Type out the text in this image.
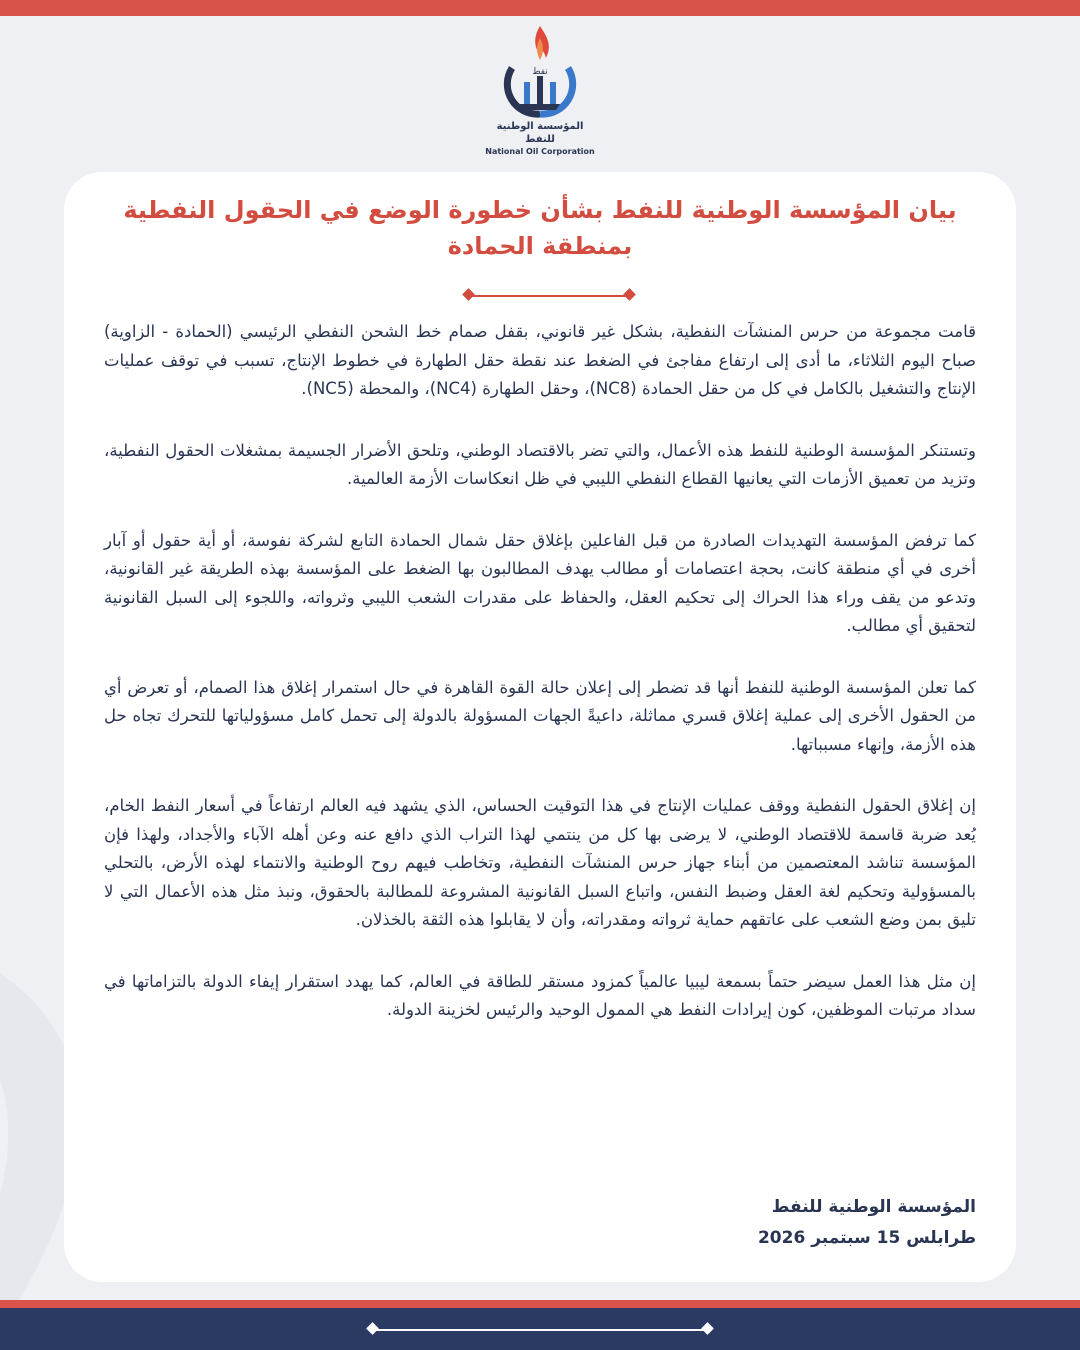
نفط
المؤسسة الوطنية للنفط
National Oil Corporation
بيان المؤسسة الوطنية للنفط بشأن خطورة الوضع في الحقول النفطية بمنطقة الحمادة

قامت مجموعة من حرس المنشآت النفطية، بشكل غير قانوني، بقفل صمام خط الشحن النفطي الرئيسي (الحمادة - الزاوية) صباح اليوم الثلاثاء، ما أدى إلى ارتفاع مفاجئ في الضغط عند نقطة حقل الطهارة في خطوط الإنتاج، تسبب في توقف عمليات الإنتاج والتشغيل بالكامل في كل من حقل الحمادة (NC8)، وحقل الطهارة (NC4)، والمحطة (NC5).

وتستنكر المؤسسة الوطنية للنفط هذه الأعمال، والتي تضر بالاقتصاد الوطني، وتلحق الأضرار الجسيمة بمشغلات الحقول النفطية، وتزيد من تعميق الأزمات التي يعانيها القطاع النفطي الليبي في ظل انعكاسات الأزمة العالمية.

كما ترفض المؤسسة التهديدات الصادرة من قبل الفاعلين بإغلاق حقل شمال الحمادة التابع لشركة نفوسة، أو أية حقول أو آبار أخرى في أي منطقة كانت، بحجة اعتصامات أو مطالب يهدف المطالبون بها الضغط على المؤسسة بهذه الطريقة غير القانونية، وتدعو من يقف وراء هذا الحراك إلى تحكيم العقل، والحفاظ على مقدرات الشعب الليبي وثرواته، واللجوء إلى السبل القانونية لتحقيق أي مطالب.

كما تعلن المؤسسة الوطنية للنفط أنها قد تضطر إلى إعلان حالة القوة القاهرة في حال استمرار إغلاق هذا الصمام، أو تعرض أي من الحقول الأخرى إلى عملية إغلاق قسري مماثلة، داعيةً الجهات المسؤولة بالدولة إلى تحمل كامل مسؤولياتها للتحرك تجاه حل هذه الأزمة، وإنهاء مسبباتها.

إن إغلاق الحقول النفطية ووقف عمليات الإنتاج في هذا التوقيت الحساس، الذي يشهد فيه العالم ارتفاعاً في أسعار النفط الخام، يُعد ضربة قاسمة للاقتصاد الوطني، لا يرضى بها كل من ينتمي لهذا التراب الذي دافع عنه وعن أهله الآباء والأجداد، ولهذا فإن المؤسسة تناشد المعتصمين من أبناء جهاز حرس المنشآت النفطية، وتخاطب فيهم روح الوطنية والانتماء لهذه الأرض، بالتحلي بالمسؤولية وتحكيم لغة العقل وضبط النفس، واتباع السبل القانونية المشروعة للمطالبة بالحقوق، ونبذ مثل هذه الأعمال التي لا تليق بمن وضع الشعب على عاتقهم حماية ثرواته ومقدراته، وأن لا يقابلوا هذه الثقة بالخذلان.

إن مثل هذا العمل سيضر حتماً بسمعة ليبيا عالمياً كمزود مستقر للطاقة في العالم، كما يهدد استقرار إيفاء الدولة بالتزاماتها في سداد مرتبات الموظفين، كون إيرادات النفط هي الممول الوحيد والرئيس لخزينة الدولة.

المؤسسة الوطنية للنفط
طرابلس 15 سبتمبر 2026
